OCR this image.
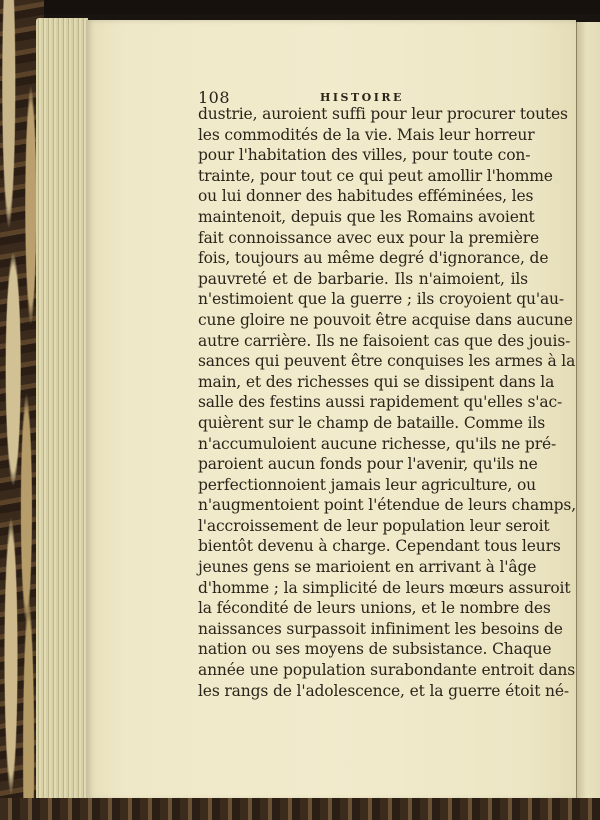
108	HISTOIRE
dustrie, auroient suffi pour leur procurer toutes
les commodités de la vie. Mais leur horreur
pour l'habitation des villes, pour toute con-
trainte, pour tout ce qui peut amollir l'homme
ou lui donner des habitudes efféminées, les
maintenoit, depuis que les Romains avoient
fait connoissance avec eux pour la première
fois, toujours au même degré d'ignorance, de
pauvreté et de barbarie. Ils n'aimoient, ils
n'estimoient que la guerre ; ils croyoient qu'au-
cune gloire ne pouvoit être acquise dans aucune
autre carrière. Ils ne faisoient cas que des jouis-
sances qui peuvent être conquises les armes à la
main, et des richesses qui se dissipent dans la
salle des festins aussi rapidement qu'elles s'ac-
quièrent sur le champ de bataille. Comme ils
n'accumuloient aucune richesse, qu'ils ne pré-
paroient aucun fonds pour l'avenir, qu'ils ne
perfectionnoient jamais leur agriculture, ou
n'augmentoient point l'étendue de leurs champs,
l'accroissement de leur population leur seroit
bientôt devenu à charge. Cependant tous leurs
jeunes gens se marioient en arrivant à l'âge
d'homme ; la simplicité de leurs mœurs assuroit
la fécondité de leurs unions, et le nombre des
naissances surpassoit infiniment les besoins de
nation ou ses moyens de subsistance. Chaque
année une population surabondante entroit dans
les rangs de l'adolescence, et la guerre étoit né-
